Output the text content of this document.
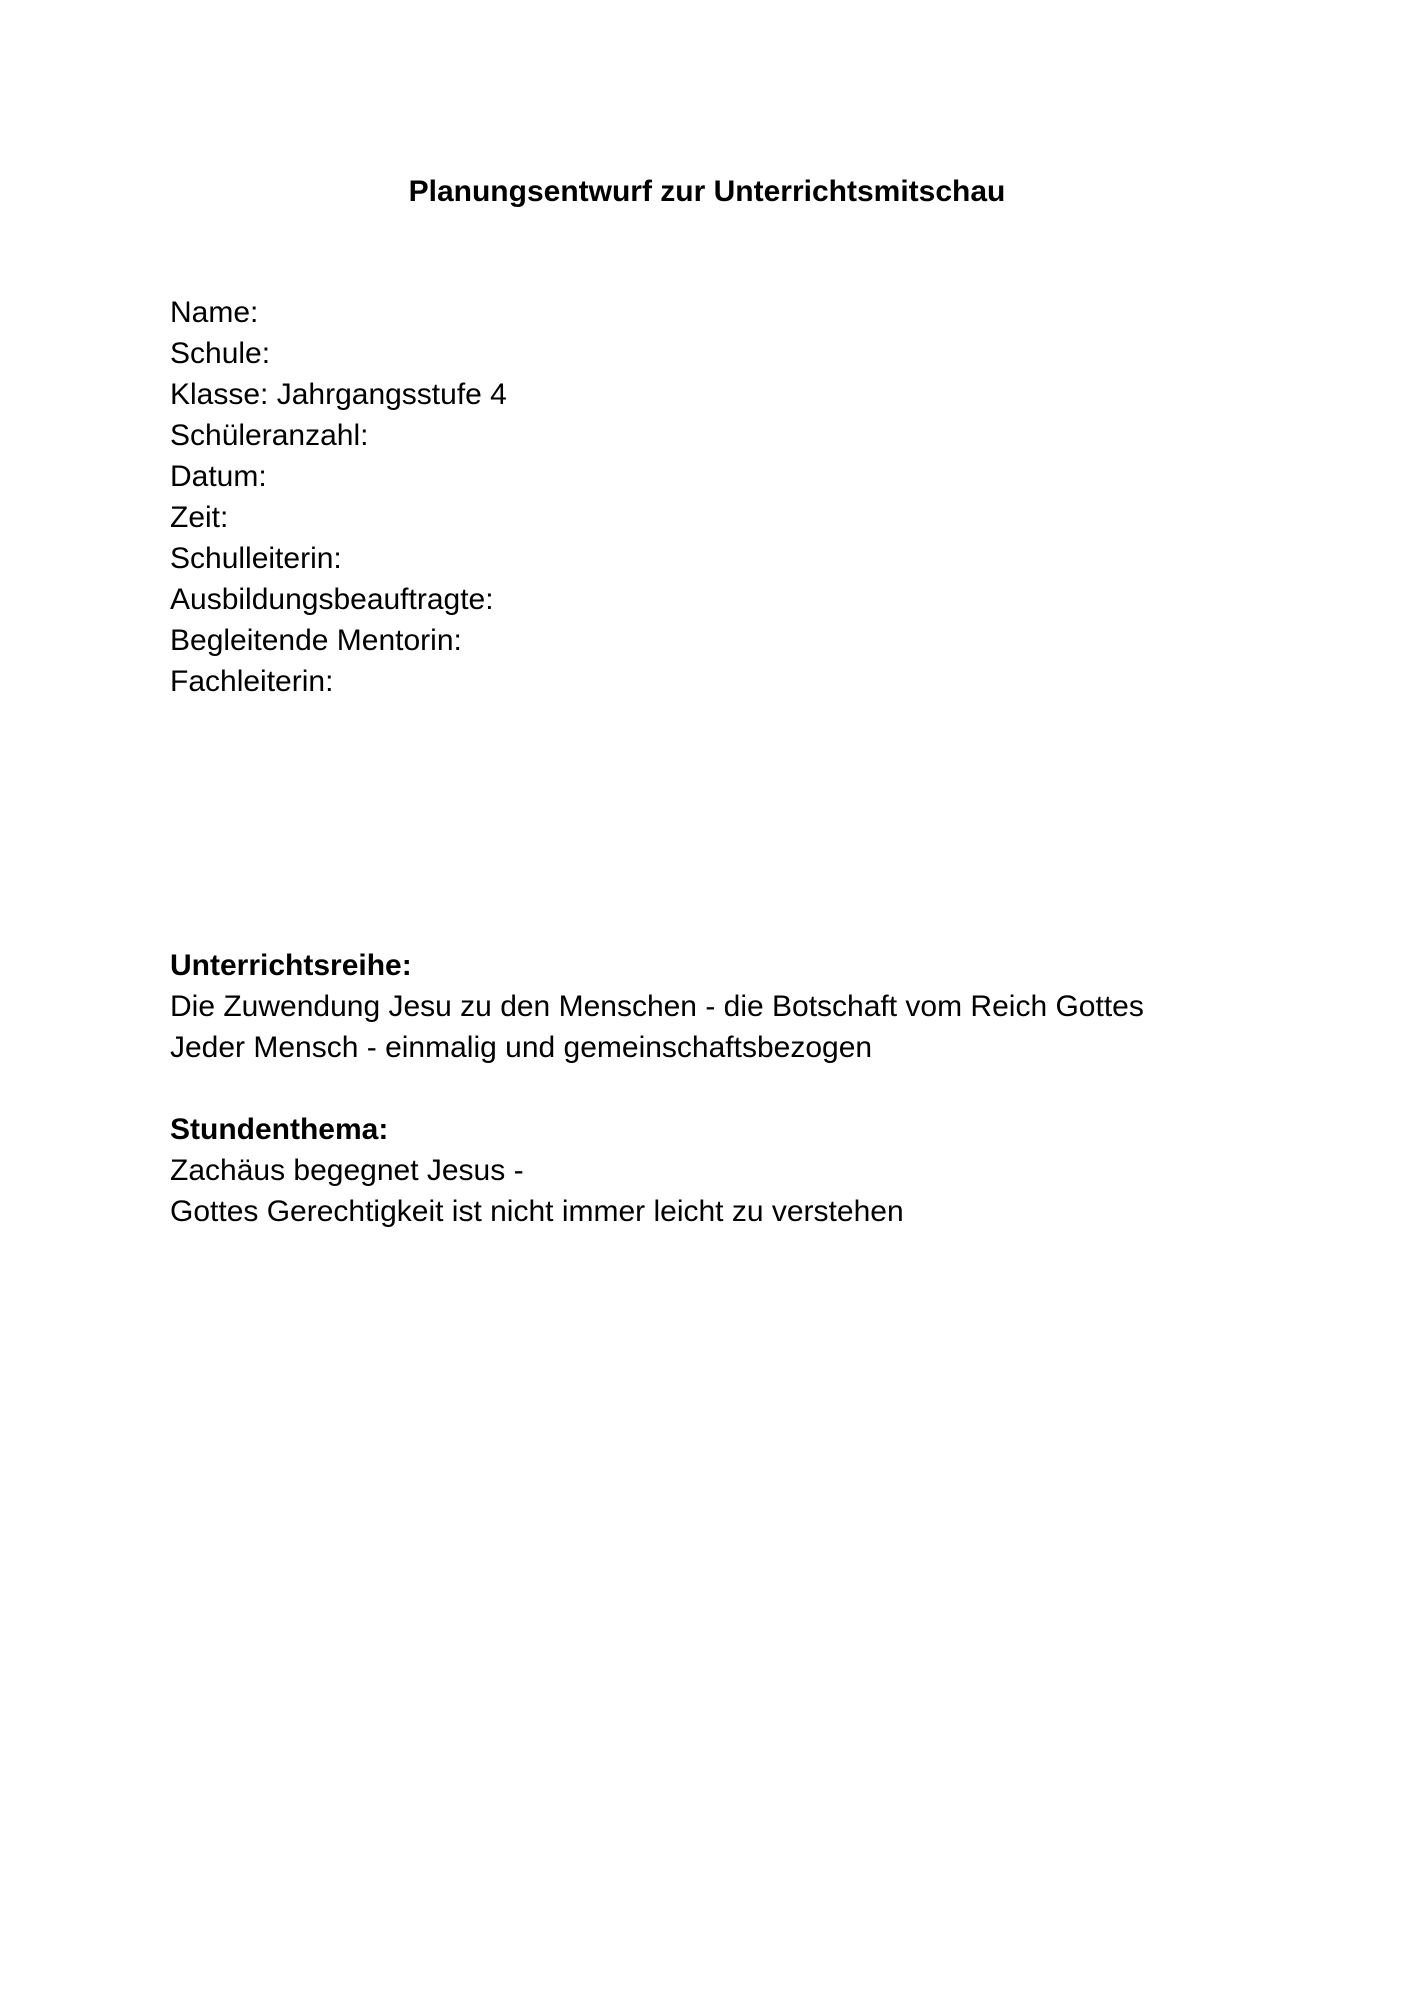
Planungsentwurf zur Unterrichtsmitschau
Name:
Schule:
Klasse: Jahrgangsstufe 4
Schüleranzahl:
Datum:
Zeit:
Schulleiterin:
Ausbildungsbeauftragte:
Begleitende Mentorin:
Fachleiterin:
Unterrichtsreihe:
Die Zuwendung Jesu zu den Menschen - die Botschaft vom Reich Gottes
Jeder Mensch - einmalig und gemeinschaftsbezogen
Stundenthema:
Zachäus begegnet Jesus -
Gottes Gerechtigkeit ist nicht immer leicht zu verstehen
